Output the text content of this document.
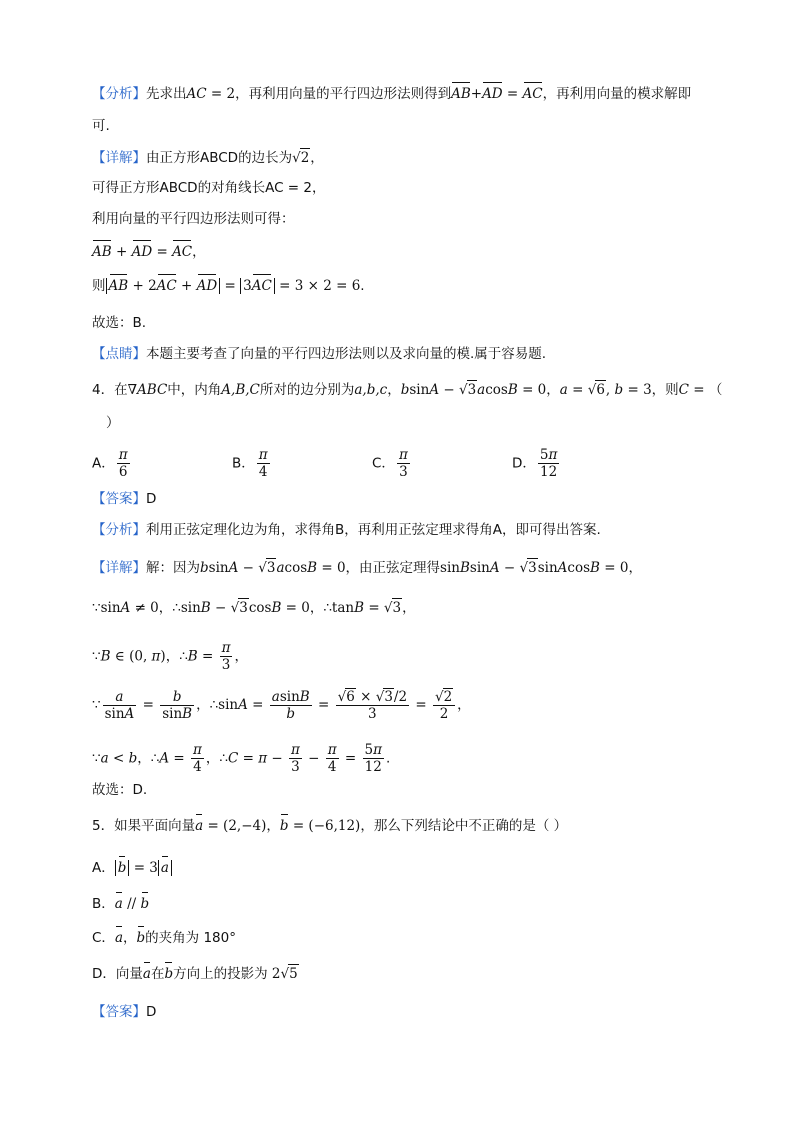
【 分析 】 先求出AC = 2，再利用向量的平行四边形法则得到AB+AD = AC，再利用向量的模求解即
可.
【 详解 】 由正方形ABCD的边长为√2，
可得正方形ABCD的对角线长AC = 2，
利用向量的平行四边形法则可得：
AB + AD = AC，
则 AB + 2AC + AD = 3AC = 3 × 2 = 6.
故选：B.
【 点睛 】 本题主要考查了向量的平行四边形法则以及求向量的模.属于容易题.
4．在∇ABC中，内角A,B,C所对的边分别为a,b,c，bsinA − √3acosB = 0，a = √6, b = 3，则C = （
）
A． $\frac{\pi}{6}$	B． $\frac{\pi}{4}$	C． $\frac{\pi}{3}$	D． $\frac{5\pi}{12}$
【 答案 】 D
【 分析 】 利用正弦定理化边为角，求得角B，再利用正弦定理求得角A，即可得出答案.
【 详解 】 解：因为bsinA − √3acosB = 0，由正弦定理得sinBsinA − √3sinAcosB = 0，
∵sinA ≠ 0，∴sinB − √3cosB = 0，∴tanB = √3，
∵B ∈ (0, π)，∴B = $\frac{\pi}{3}$ ，
∵ $\frac{a}{\sin A} = \frac{b}{\sin B}$ ，∴sinA = $\frac{asinB}{b} = \frac{√6 \times √3/2}{3} = \frac{√2}{2}$ ，
∵a < b，∴A = $\frac{\pi}{4}$ ，∴C = $\pi - \frac{\pi}{3} - \frac{\pi}{4} = \frac{5\pi}{12}$ .
故选：D.
5．如果平面向量a = (2,−4)，b = (−6,12)，那么下列结论中不正确的是（ ）
A． b = 3 a
B．a // b
C．a，b的夹角为 180°
D．向量a在b方向上的投影为 2√5
【 答案 】 D
